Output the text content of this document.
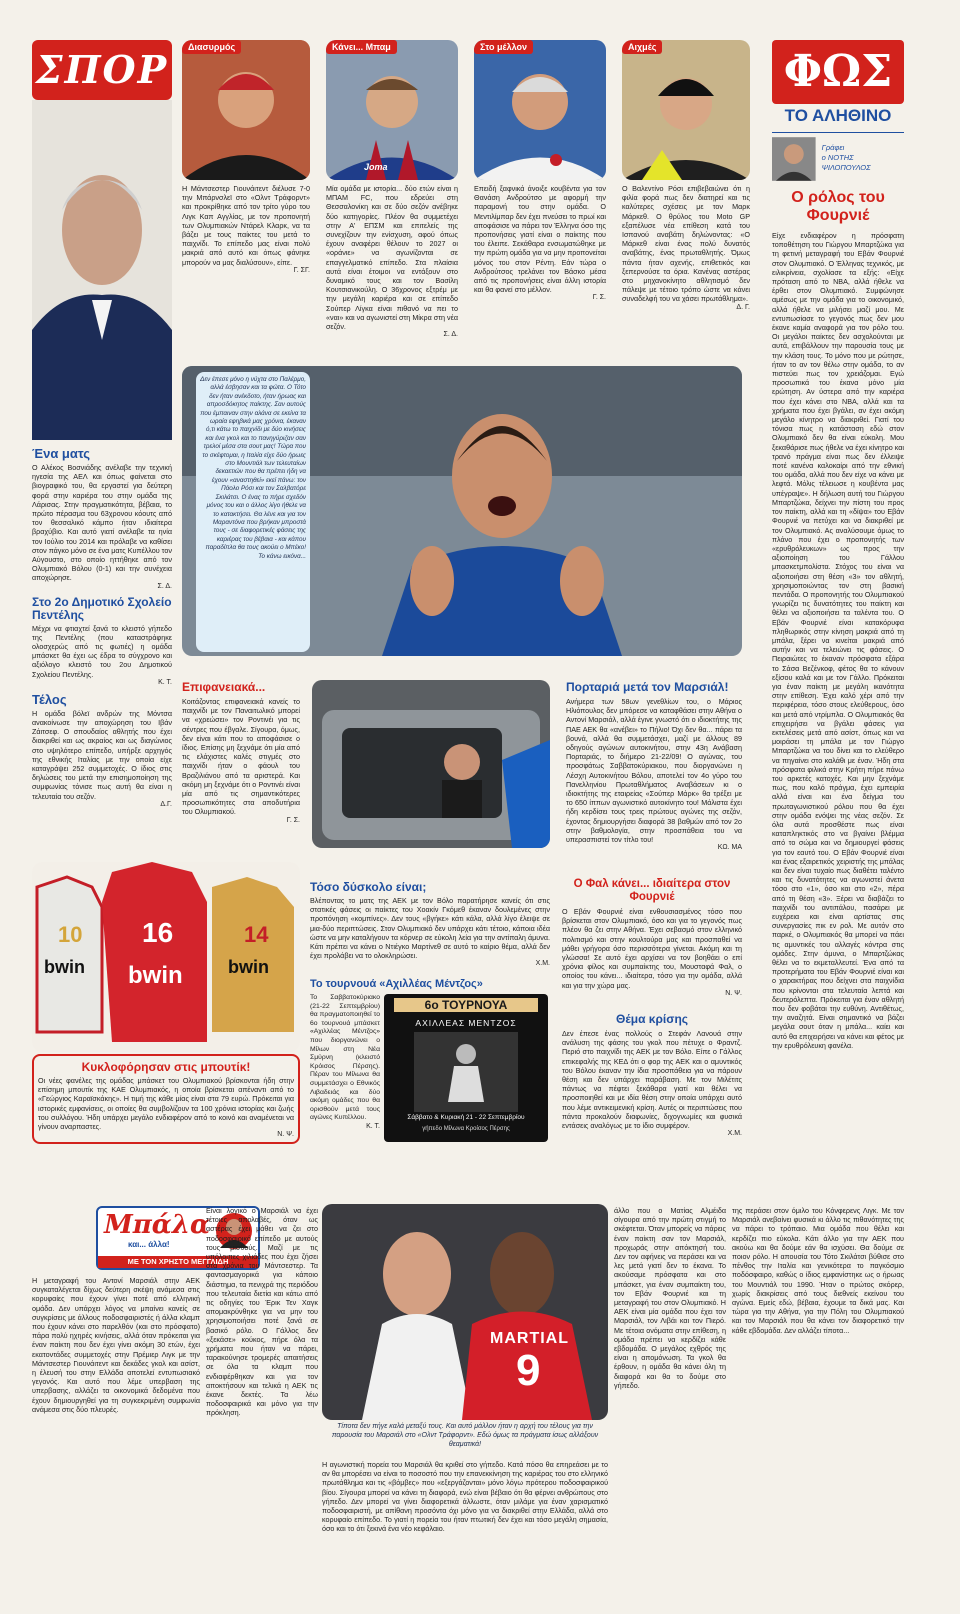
ΣΠΟΡ
Ένα ματς
Ο Αλέκος Βοσνιάδης ανέλαβε την τεχνική ηγεσία της ΑΕΛ και όπως φαίνεται στο βιογραφικό του, θα εργαστεί για δεύτερη φορά στην καριέρα του στην ομάδα της Λάρισας. Στην πραγματικότητα, βέβαια, το πρώτο πέρασμα του 63χρονου κόουτς από τον θεσσαλικό κάμπο ήταν ιδιαίτερα βραχύβιο. Και αυτό γιατί ανέλαβε τα ηνία τον Ιούλιο του 2014 και πρόλαβε να καθίσει στον πάγκο μόνο σε ένα ματς Κυπέλλου τον Αύγουστο, στο οποίο ηττήθηκε από τον Ολυμπιακό Βόλου (0-1) και την συνέχεια αποχώρησε.
Σ. Δ.
Στο 2ο Δημοτικό Σχολείο Πεντέλης
Μέχρι να φτιαχτεί ξανά το κλειστό γήπεδο της Πεντέλης (που καταστράφηκε ολοσχερώς από τις φωτιές) η ομάδα μπάσκετ θα έχει ως έδρα το σύγχρονο και αξιόλογο κλειστό του 2ου Δημοτικού Σχολείου Πεντέλης.
Κ. Τ.
Τέλος
Η ομάδα βόλεϊ ανδρών της Μόντσα ανακοίνωσε την αποχώρηση του Ιβάν Ζάιτσεφ. Ο σπουδαίος αθλητής που έχει διακριθεί και ως ακραίος και ως διαγώνιος στο υψηλότερο επίπεδο, υπήρξε αρχηγός της εθνικής Ιταλίας με την οποία είχε καταγράψει 252 συμμετοχές. Ο ίδιος στις δηλώσεις του μετά την επισημοποίηση της συμφωνίας τόνισε πως αυτή θα είναι η τελευταία του σεζόν.
Δ.Γ.
Διασυρμός
Η Μάντσεστερ Γιουνάιτεντ διέλυσε 7-0 την Μπάρνσλεϊ στο «Ολντ Τράφορντ» και προκρίθηκε από τον τρίτο γύρο του Λιγκ Καπ Αγγλίας, με τον προπονητή των Ολυμπιακών Ντάρελ Κλαρκ, να τα βάζει με τους παίκτες του μετά το παιχνίδι. Το επίπεδο μας είναι πολύ μακριά από αυτό και όπως φάνηκε μπορούν να μας διαλύσουν», είπε.
Γ. ΣΓ.
Κάνει... Μπαμ
Joma
Μία ομάδα με ιστορία... δύο ετών είναι η ΜΠΑΜ FC, που εδρεύει στη Θεσσαλονίκη και σε δύο σεζόν ανέβηκε δύο κατηγορίες. Πλέον θα συμμετέχει στην Α' ΕΠΣΜ και επιτελείς της συνεχίζουν την ενίσχυση, αφού όπως έχουν αναφέρει θέλουν το 2027 οι «οράνιε» να αγωνίζονται σε επαγγελματικό επίπεδο. Στα πλαίσια αυτά είναι έτοιμοι να εντάξουν στο δυναμικό τους και τον Βασίλη Κουτσιανικούλη. Ο 36χρονος εξτρέμ με την μεγάλη καριέρα και σε επίπεδο Σούπερ Λίγκα είναι πιθανό να πει το «ναι» και να αγωνιστεί στη Μίκρα στη νέα σεζόν.
Σ. Δ.
Στο μέλλον
Επειδή ξαφνικά άνοιξε κουβέντα για τον Θανάση Ανδρούτσο με αφορμή την παραμονή του στην ομάδα. Ο Μεντιλίμπαρ δεν έχει πνεύσει το πρωί και αποφάσισε να πάρει τον Έλληνα όσο της προπονήσεις γιατί είναι ο παίκτης που του έλειπε. Σεκάθαρα ενσωματώθηκε με την πρώτη ομάδα για να μην προπονείται μόνος του στον Ρέντη. Εάν τώρα ο Ανδρούτσος τρελάνει τον Βάσκο μέσα από τις προπονήσεις είναι άλλη ιστορία και θα φανεί στο μέλλον.
Γ. Σ.
Αιχμές
Ο Βαλεντίνο Ρόσι επιβεβαιώνει ότι η φιλία φορά πως δεν διατηρεί και τις καλύτερες σχέσεις με τον Μαρκ Μάρκεθ. Ο θρύλος του Moto GP εξαπέλυσε νέα επίθεση κατά του Ισπανού αναβάτη δηλώνοντας: «Ο Μάρκεθ είναι ένας πολύ δυνατός αναβάτης, ένας πρωταθλητής. Όμως πάντα ήταν αχενής, επιθετικός και ξεπερνούσε τα όρια. Κανένας αστέρας στο μηχανοκίνητο αθλητισμό δεν πάλεψε με τέτοιο τρόπο ώστε να κάνει συναδελφή του να χάσει πρωτάθλημα».
Δ. Γ.
ΦΩΣ
ΤΟ ΑΛΗΘΙΝΟ
Γράφει
ο ΝΟΤΗΣ ΨΙΛΟΠΟΥΛΟΣ
Ο ρόλος του Φουρνιέ
Είχε ενδιαφέρον η πρόσφατη τοποθέτηση του Γιώργου Μπαρτζώκα για τη φετινή μεταγραφή του Εβάν Φουρνιέ στον Ολυμπιακό. Ο Έλληνας τεχνικός, με ειλικρίνεια, σχολίασε τα εξής: «Είχε πρόταση από το NBA, αλλά ήθελε να έρθει στον Ολυμπιακό. Συμφώνησε αμέσως με την ομάδα για το οικονομικό, αλλά ήθελε να μιλήσει μαζί μου. Με εντυπωσίασε το γεγονός πως δεν μου έκανε καμία αναφορά για τον ρόλο του. Οι μεγάλοι παίκτες δεν ασχολούνται με αυτά, επιβάλλουν την παρουσία τους με την κλάση τους. Το μόνο που με ρώτησε, ήταν το αν τον θέλω στην ομάδα, το αν πιστεύει πως τον χρειάζομαι. Εγώ προσωπικά του έκανα μόνο μία ερώτηση. Αν ύστερα από την καριέρα που έχει κάνει στο NBA, αλλά και τα χρήματα που έχει βγάλει, αν έχει ακόμη μεγάλο κίνητρο να διακριθεί. Γιατί του τόνισα πως η κατάσταση εδώ στον Ολυμπιακό δεν θα είναι εύκολη. Μου ξεκαθάρισε πως ήθελε να έχει κίνητρο και τρανό πράγμα είναι πως δεν έλλειψε ποτέ κανένα καλοκαίρι από την εθνική του ομάδα, αλλά που δεν είχε να κάνει με λεφτά. Μόλις τέλειωσε η κουβέντα μας υπέγραψε». Η δήλωση αυτή του Γιώργου Μπαρτζώκα, δείχνει την πίστη του προς τον παίκτη, αλλά και τη «δίψα» του Εβάν Φουρνιέ να πετύχει και να διακριθεί με τον Ολυμπιακό. Ας αναλύσουμε όμως το πλάνο που έχει ο προπονητής των «ερυθρόλευκων» ως προς την αξιοποίηση του Γάλλου μπασκετμπολίστα. Στόχος του είναι να αξιοποιήσει στη θέση «3» τον αθλητή, χρησιμοποιώντας τον στη βασική πεντάδα. Ο προπονητής του Ολυμπιακού γνωρίζει τις δυνατότητες του παίκτη και θέλει να αξιοποιήσει τα ταλέντα του. Ο Εβάν Φουρνιέ είναι κατακόρυφα πληθωρικός στην κίνηση μακριά από τη μπάλα, ξέρει να κινείται μακριά από αυτήν και να τελειώνει τις φάσεις. Ο Πειραιώτες το έκαναν πρόσφατα εξάρα το Σάσα Βεζένκοφ, φέτος θα το κάνουν εξίσου καλά και με τον Γάλλο. Πρόκειται για έναν παίκτη με μεγάλη ικανότητα στην επίθεση. Έχει καλό χέρι από την περιφέρεια, τόσο στους ελεύθερους, όσο και μετά από ντρίμπλα. Ο Ολυμπιακός θα επιχειρήσει να βγάλει φάσεις για εκτελέσεις μετά από ασίστ, όπως και να μοιράσει τη μπάλα με τον Γιώργο Μπαρτζώκα να του δίνει και το ελεύθερο να πηγαίνει στο καλάθι με έναν. Ήδη στα πρόσφατα φιλικά στην Κρήτη πήρε πάνω του αρκετές κατοχές. Και μην ξεχνάμε πως, που καλό πράγμα, έχει εμπειρία αλλά είναι και ένα δείγμα του πρωταγωνιστικού ρόλου που θα έχει στην ομάδα ενόψει της νέας σεζόν. Σε όλα αυτά προσθέστε πως είναι καταπληκτικός στο να βγαίνει βλέμμα από το σώμα και να δημιουργεί φάσεις για τον εαυτό του. Ο Εβάν Φουρνιέ είναι και ένας εξαιρετικός χειριστής της μπάλας και δεν είναι τυχαίο πως διαθέτει ταλέντο και τις δυνατότητες να αγωνιστεί άνετα τόσο στο «1», όσο και στο «2», πέρα από τη θέση «3». Ξέρει να διαβάζει το παιχνίδι του αντιπάλου, πασάρει με ευχέρεια και είναι αρτίστας στις συνεργασίες πικ εν ρολ. Με αυτόν στο παρκέ, ο Ολυμπιακός θα μπορεί να πάει τις αμυντικές του αλλαγές κόντρα στις ομάδες. Στην άμυνα, ο Μπαρτζώκας θέλει να το εκμεταλλευτεί. Ένα από τα προτερήματα του Εβάν Φουρνιέ είναι και ο χαρακτήρας που δείχνει στα παιχνίδια που κρίνονται στα τελευταία λεπτά και δευτερόλεπτα. Πρόκειται για έναν αθλητή που δεν φοβάται την ευθύνη. Αντιθέτως, την αναζητά. Είναι σημαντικό να βάζει μεγάλα σουτ όταν η μπάλα... καίει και αυτό θα επιχειρήσει να κάνει και φέτος με την ερυθρόλευκη φανέλα.
Δεν έπεσε μόνο η νύχτα στο Παλέρμο, αλλά έσβησαν και τα φώτα. Ο Τότο δεν ήταν ανέκδοτο, ήταν ήρωας και απροσδόκητος παίκτης. Σαν αυτούς που έμπαιναν στην αλάνα σε εκείνα τα ωραία εφηβικά μας χρόνια, έκαναν ό,τι κάτω το παιχνίδι με δύο κινήσεις και ένα γκολ και το πανηγύριζαν σαν τρελοί μέσα στα σουτ μας! Τώρα που το σκέφτομαι, η Ιταλία είχε δύο ήρωες στο Μουντιάλ των τελευταίων δεκαετιών που θα πρέπει ήδη να έχουν «αναστηθεί» εκεί πάνω: τον Πάολο Ρόσι και τον Σαλβατόρε Σκιλάτσι. Ο ένας το πήρε σχεδόν μόνος του και ο άλλος λίγο ήθελε να το κατακτήσει. Θα λένε και για τον Μαραντόνα που βρήκαν μπροστά τους - σε διαφορετικές φάσεις της καριέρας του βέβαια - και κάπου παραδίπλα θα τους ακούει ο Μπέκο! Το κάνω εικόνα...
Επιφανειακά...
Κοιτάζοντας επιφανειακά κανείς το παιχνίδι με τον Παναιτωλικό μπορεί να «χρεώσει» τον Ροντινέι για τις σέντρες που έβγαλε. Σίγουρα, όμως, δεν είναι κάτι που το αποφάσισε ο ίδιος. Επίσης μη ξεχνάμε ότι μία από τις ελάχιστες καλές στιγμές στο παιχνίδι ήταν ο φάουλ του Βραζιλιάνου από τα αριστερά. Και ακόμη μη ξεχνάμε ότι ο Ροντινέι είναι μία από τις σημαντικότερες προσωπικότητες στα αποδυτήρια του Ολυμπιακού.
Γ. Σ.
Πορταριά μετά τον Μαρσιάλ!
Ανήμερα των 58ων γενεθλίων του, ο Μάριος Ηλιόπουλος δεν μπόρεσε να καταφθάσει στην Αθήνα ο Αντονί Μαρσιάλ, αλλά έγινε γνωστό ότι ο ιδιοκτήτης της ΠΑΕ ΑΕΚ θα «ανέβει» το Πήλιο! Όχι δεν θα... πάρει τα βουνά, αλλά θα συμμετάσχει, μαζί με άλλους 89 οδηγούς αγώνων αυτοκινήτου, στην 43η Ανάβαση Πορταριάς, το διήμερο 21-22/09! Ο αγώνας, του προσφάτως Σαββατοκύριακου, που διοργανώνει η Λέσχη Αυτοκινήτου Βόλου, αποτελεί τον 4ο γύρο του Πανελληνίου Πρωταθλήματος Αναβάσεων κι ο ιδιοκτήτης της εταιρείας «Σούπερ Μάρκ» θα τρέξει με το 650 ίππων αγωνιστικό αυτοκίνητο του! Μάλιστα έχει ήδη κερδίσει τους τρεις πρώτους αγώνες της σεζόν, έχοντας δημιουργήσει διαφορά 38 βαθμών από τον 2ο στην βαθμολογία, στην προσπάθεια του να υπερασπιστεί τον τίτλο του!
ΚΩ. ΜΑ
10 16	14
bwin bwin	bwin
Κυκλοφόρησαν στις μπουτίκ!
Οι νέες φανέλες της ομάδας μπάσκετ του Ολυμπιακού βρίσκονται ήδη στην επίσημη μπουτίκ της ΚΑΕ Ολυμπιακός, η οποία βρίσκεται απέναντι από το «Γεώργιος Καραϊσκάκης». Η τιμή της κάθε μίας είναι στα 79 ευρώ. Πρόκειται για ιστορικές εμφανίσεις, οι οποίες θα συμβολίζουν τα 100 χρόνια ιστορίας και ζωής του συλλόγου. Ήδη υπάρχει μεγάλο ενδιαφέρον από το κοινό και αναμένεται να γίνουν αναρπαστες.
Ν. Ψ.
Τόσο δύσκολο είναι;
Βλέποντας το ματς της ΑΕΚ με τον Βόλο παρατήρησε κανείς ότι στις στατικές φάσεις οι παίκτες του Χοακίν Γκόμεθ έκαναν δουλεμένες στην προπόνηση «κομπίνες». Δεν τους «βγήκε» κάτι κάλα, αλλά λίγο έλειψε σε μια-δύο περιπτώσεις. Στον Ολυμπιακό δεν υπάρχει κάτι τέτοιο, κάποια ιδέα ώστε να μην καταλήγουν τα κόρνερ σε εύκολη λεία για την αντίπαλη άμυνα. Κάτι πρέπει να κάνει ο Ντιέγκο Μαρτίνεθ σε αυτό το καίριο θέμα, αλλά δεν έχει προλάβει να το ολοκληρώσει.
Χ.Μ.
Το τουρνουά «Αχιλλέας Μέντζος»
Το Σαββατοκύριακο (21-22 Σεπτεμβρίου) θα πραγματοποιηθεί το 6ο τουρνουά μπάσκετ «Αχιλλέας Μέντζος» που διοργανώνει ο Μίλων στη Νέα Σμύρνη (κλειστό Κρόισος Πέρσης). Πέραν του Μίλωνα θα συμμετάσχει ο Εθνικός Λιβαδειάς και δύο ακόμη ομάδες που θα ορισθούν μετά τους αγώνες Κυπέλλου.
Κ. Τ.
6ο ΤΟΥΡΝΟΥΑ
ΑΧΙΛΛΕΑΣ ΜΕΝΤΖΟΣ
Σάββατο & Κυριακή 21 - 22 Σεπτεμβρίου
γήπεδο Μίλωνα Κροίσος Πέρσης
Ο Φαλ κάνει... ιδιαίτερα στον Φουρνιέ
Ο Εβάν Φουρνιέ είναι ενθουσιασμένος τόσο που βρίσκεται στον Ολυμπιακό, όσο και για το γεγονός πως πλέον θα ζει στην Αθήνα. Έχει σεβασμό στον ελληνικό πολιτισμό και στην κουλτούρα μας και προσπαθεί να μάθει γρήγορα όσο περισσότερα γίνεται. Ακόμη και τη γλώσσα! Σε αυτό έχει αρχίσει να τον βοηθάει ο επί χρόνια φίλος και συμπαίκτης του, Μουσταφά Φαλ, ο οποίος του κάνει... ιδιαίτερα, τόσο για την ομάδα, αλλά και για την χώρα μας.
Ν. Ψ.
Θέμα κρίσης
Δεν έπεσε ένας πολλούς ο Στεφάν Λανουά στην ανάλυση της φάσης του γκολ που πέτυχε ο Φραντζ. Περιό στο παιχνίδι της ΑΕΚ με τον Βόλο. Είπε ο Γάλλος επικεφαλής της ΚΕΔ ότι ο φορ της ΑΕΚ και ο αμυντικός του Βόλου έκαναν την ίδια προσπάθεια για να πάρουν θέση και δεν υπάρχει παράβαση. Με τον Μιλέτιτς πάντως να πέφτει ξεκάθαρα γιατί και θέλει να προσποιηθεί και με ιδία θέση στην οποία υπάρχει αυτό που λέμε αντικειμενική κρίση. Αυτές οι περιπτώσεις που πάντα προκαλούν διαφωνίες, διχογνωμίες και φυσικά εντάσεις αναλόγως με το ίδιο συμφέρον.
Χ.Μ.
Μπάλα
και... άλλα!
ΜΕ ΤΟΝ ΧΡΗΣΤΟ ΜΕΓΓΛΙΔΗ
Η μεταγραφή του Αντονί Μαρσιάλ στην ΑΕΚ συγκαταλέγεται δίχως δεύτερη σκέψη ανάμεσα στις κορυφαίες που έχουν γίνει ποτέ από ελληνική ομάδα. Δεν υπάρχει λόγος να μπαίνει κανείς σε συγκρίσεις με άλλους ποδοσφαιριστές ή άλλα κλαμπ που έχουν κάνει στο παρελθόν (και στο πρόσφατο) πάρα πολύ ηχηρές κινήσεις, αλλά όταν πρόκειται για έναν παίκτη που δεν έχει γίνει ακόμη 30 ετών, έχει εκατοντάδες συμμετοχές στην Πρέμιερ Λιγκ με την Μάντσεστερ Γιουνάιτεντ και δεκάδες γκολ και ασίστ, η έλευσή του στην Ελλάδα αποτελεί εντυπωσιακό γεγονός. Και αυτό που λέμε υπερβαση της υπερβασης, αλλάζει τα οικονομικά δεδομένα που έχουν δημιουργηθεί για τη συγκεκριμένη συμφωνία ανάμεσα στις δύο πλευρές.
Είναι λογικό ο Μαρσιάλ να έχει τέτοιες απολαβές, όταν ως αστέρας έχει μάθει να ζει στο ποδοσφαιρικό επίπεδο με αυτούς τους μισθούς. Μαζί με τις υπόλοιπες χιλιάδες που έχει ζήσει στα χρόνια του Μάντσεστερ. Τα φαντασμαγορικά για κάποιο διάστημα, τα πενιχρά της περιόδου που τελευταία διετία και κάτω από τις οδηγίες του Έρικ Τεν Χαγκ απομακρύνθηκε για να μην του χρησιμοποιήσει ποτέ ξανά σε βασικό ρόλο. Ο Γάλλος δεν «ξεκάσε» κούκος, πήρε όλα τα χρήματα που ήταν να πάρει, ταρακούνησε τρομερές απαιτήσεις σε όλα τα κλαμπ που ενδιαφέρθηκαν και για τον αποκτήσουν και τελικά η ΑΕΚ τις έκανε δεκτές. Τα λέω ποδοσφαιρικά και μόνο για την πρόκληση.
MARTIAL
9
Τίποτα δεν πήγε καλά μεταξύ τους. Και αυτό μάλλον ήταν η αρχή του τέλους για την παρουσία του Μαρσιάλ στο «Ολντ Τράφορντ». Εδώ όμως τα πράγματα ίσως αλλάξουν θεαματικά!
Η αγωνιστική πορεία του Μαρσιάλ θα κριθεί στο γήπεδο. Κατά πόσο θα επηρεάσει με το αν θα μπορέσει να είναι το ποσοστό που την επανεκκίνηση της καριέρας του στο ελληνικό πρωτάθλημα και τις «βόμβες» που «εξεργάζονται» μόνο λόγω πρότερου ποδοσφαιρικού βίου. Σίγουρα μπορεί να κάνει τη διαφορά, ενώ είναι βέβαιο ότι θα φέρνει ανθρώπους στο γήπεδο. Δεν μπορεί να γίνει διαφορετικά άλλωστε, όταν μιλάμε για έναν χαρισματικό ποδοσφαιριστή, με απίθανη προσόντα όχι μόνο για να διακριθεί στην Ελλάδα, αλλά στο κορυφαίο επίπεδο. Το γιατί η πορεία του ήταν πτωτική δεν έχει και τόσο μεγάλη σημασία, όσο και το ότι ξεκινά ένα νέο κεφάλαιο.
άλλο που ο Ματίας Αλμέιδα σίγουρα από την πρώτη στιγμή το σκέφτεται. Όταν μπορείς να πάρεις έναν παίκτη σαν τον Μαρσιάλ, προχωράς στην απόκτησή του. Δεν τον αφήνεις να περάσει και να λες μετά γιατί δεν το έκανα. Το ακούσαμε πρόσφατα και στο μπάσκετ, για έναν συμπαίκτη του, τον Εβάν Φουρνιέ και τη μεταγραφή του στον Ολυμπιακό. Η ΑΕΚ είναι μία ομάδα που έχει τον Μαρσιάλ, τον Λιβάι και τον Πιερό. Με τέτοια ονόματα στην επίθεση, η ομάδα πρέπει να κερδίζει κάθε εβδομάδα. Ο μεγάλος εχθρός της είναι η απομόνωση. Τα γκολ θα έρθουν, η ομάδα θα κάνει όλη τη διαφορά και θα το δούμε στο γήπεδο.
της περάσει στον όμιλο του Κόνφερενς Λιγκ. Με τον Μαρσιάλ ανεβαίνει φυσικά κι άλλο τις πιθανότητες της να πάρει το τρόπαιο. Μια ομάδα που θέλει και κερδίζει πιο εύκολα. Κάτι άλλο για την ΑΕΚ που ακούω και θα δούμε εάν θα ισχύσει. Θα δούμε σε ποιον ρόλο. Η απουσία του Τότο Σκιλάτσι βύθισε στο πένθος την Ιταλία και γενικότερα το παγκόσμιο ποδόσφαιρο, καθώς ο ίδιος εμφανίστηκε ως ο ήρωας του Μουντιάλ του 1990. Ήταν ο πρώτος σκόρερ, χωρίς διακρίσεις από τους διεθνείς εκείνου του αγώνα. Εμείς εδώ, βέβαια, έχουμε τα δικά μας. Και τώρα για την Αθήνα, για την Πόλη του Ολυμπιακού και τον Μαρσιάλ που θα κάνει τον διαφορετικό την κάθε εβδομάδα. Δεν αλλάζει τίποτα...
